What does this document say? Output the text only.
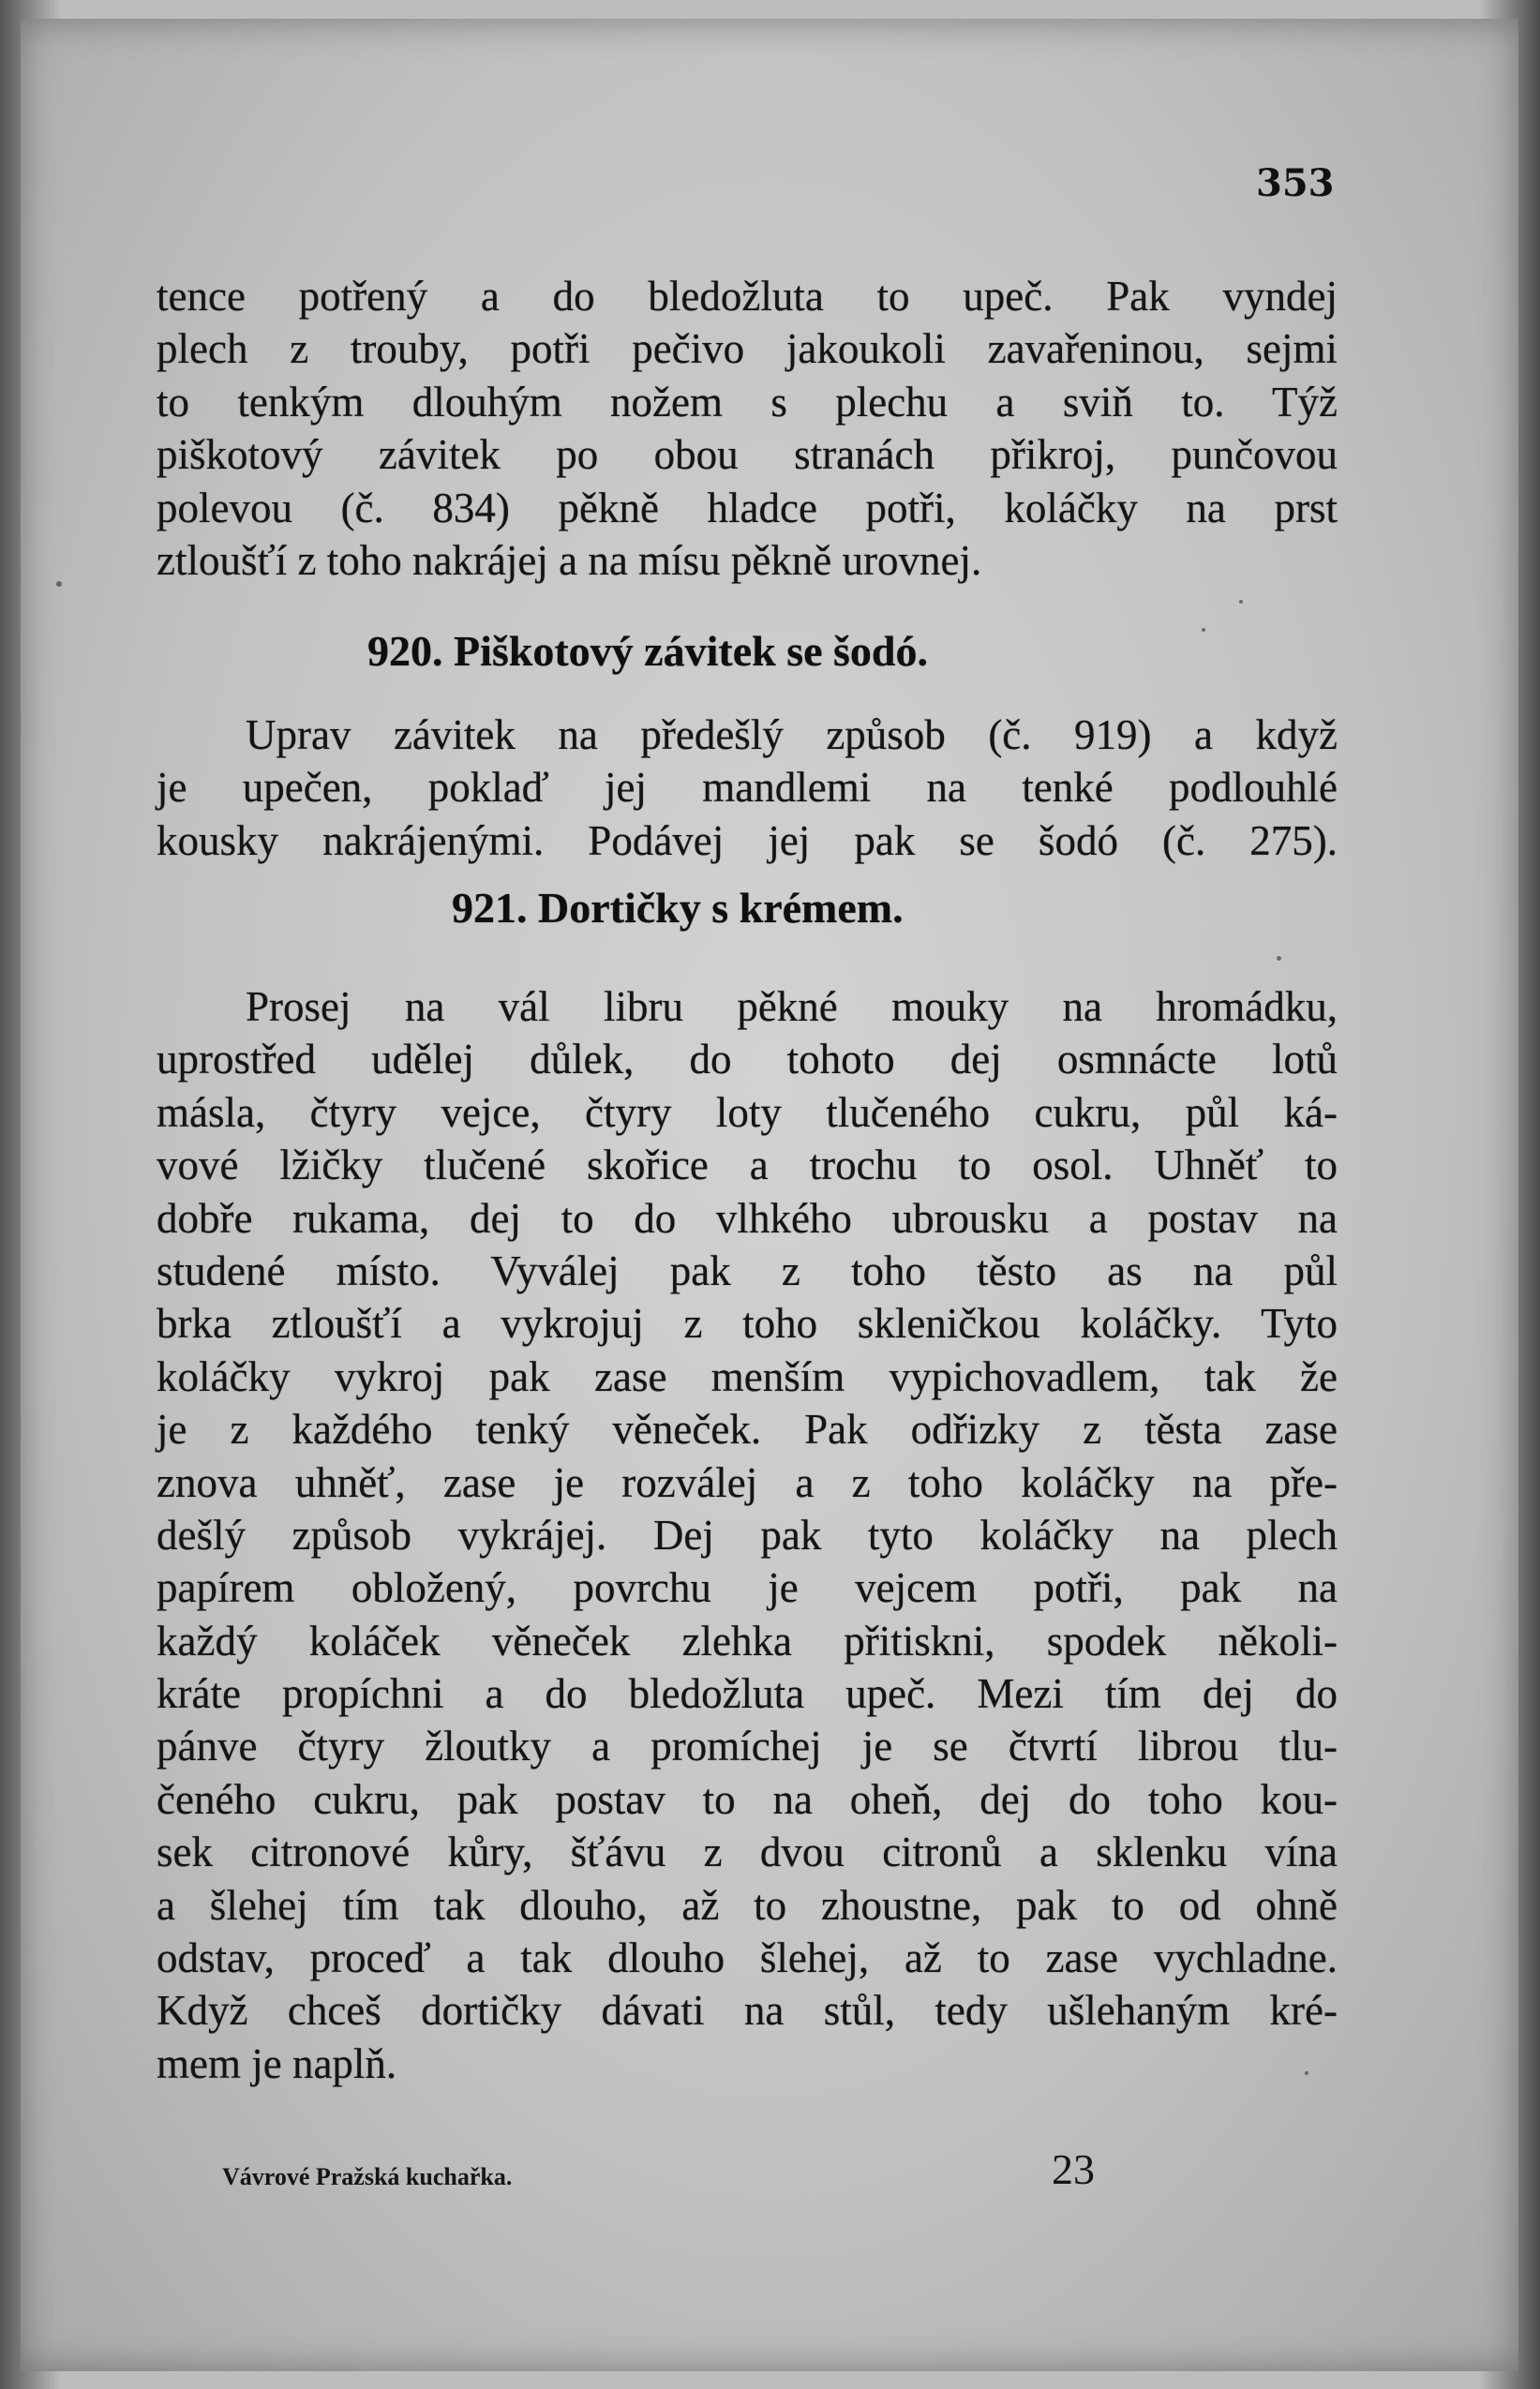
353
tence potřený a do bledožluta to upeč. Pak vyndej
plech z trouby, potři pečivo jakoukoli zavařeninou, sejmi
to tenkým dlouhým nožem s plechu a sviň to. Týž
piškotový závitek po obou stranách přikroj, punčovou
polevou (č. 834) pěkně hladce potři, koláčky na prst
ztloušťí z toho nakrájej a na mísu pěkně urovnej.
920. Piškotový závitek se šodó.
Uprav závitek na předešlý způsob (č. 919) a když
je upečen, poklaď jej mandlemi na tenké podlouhlé
kousky nakrájenými. Podávej jej pak se šodó (č. 275).
921. Dortičky s krémem.
Prosej na vál libru pěkné mouky na hromádku,
uprostřed udělej důlek, do tohoto dej osmnácte lotů
másla, čtyry vejce, čtyry loty tlučeného cukru, půl ká-
vové lžičky tlučené skořice a trochu to osol. Uhněť to
dobře rukama, dej to do vlhkého ubrousku a postav na
studené místo. Vyválej pak z toho těsto as na půl
brka ztloušťí a vykrojuj z toho skleničkou koláčky. Tyto
koláčky vykroj pak zase menším vypichovadlem, tak že
je z každého tenký věneček. Pak odřizky z těsta zase
znova uhněť, zase je rozválej a z toho koláčky na pře-
dešlý způsob vykrájej. Dej pak tyto koláčky na plech
papírem obložený, povrchu je vejcem potři, pak na
každý koláček věneček zlehka přitiskni, spodek několi-
kráte propíchni a do bledožluta upeč. Mezi tím dej do
pánve čtyry žloutky a promíchej je se čtvrtí librou tlu-
čeného cukru, pak postav to na oheň, dej do toho kou-
sek citronové kůry, šťávu z dvou citronů a sklenku vína
a šlehej tím tak dlouho, až to zhoustne, pak to od ohně
odstav, proceď a tak dlouho šlehej, až to zase vychladne.
Když chceš dortičky dávati na stůl, tedy ušlehaným kré-
mem je naplň.
Vávrové Pražská kuchařka.	23
